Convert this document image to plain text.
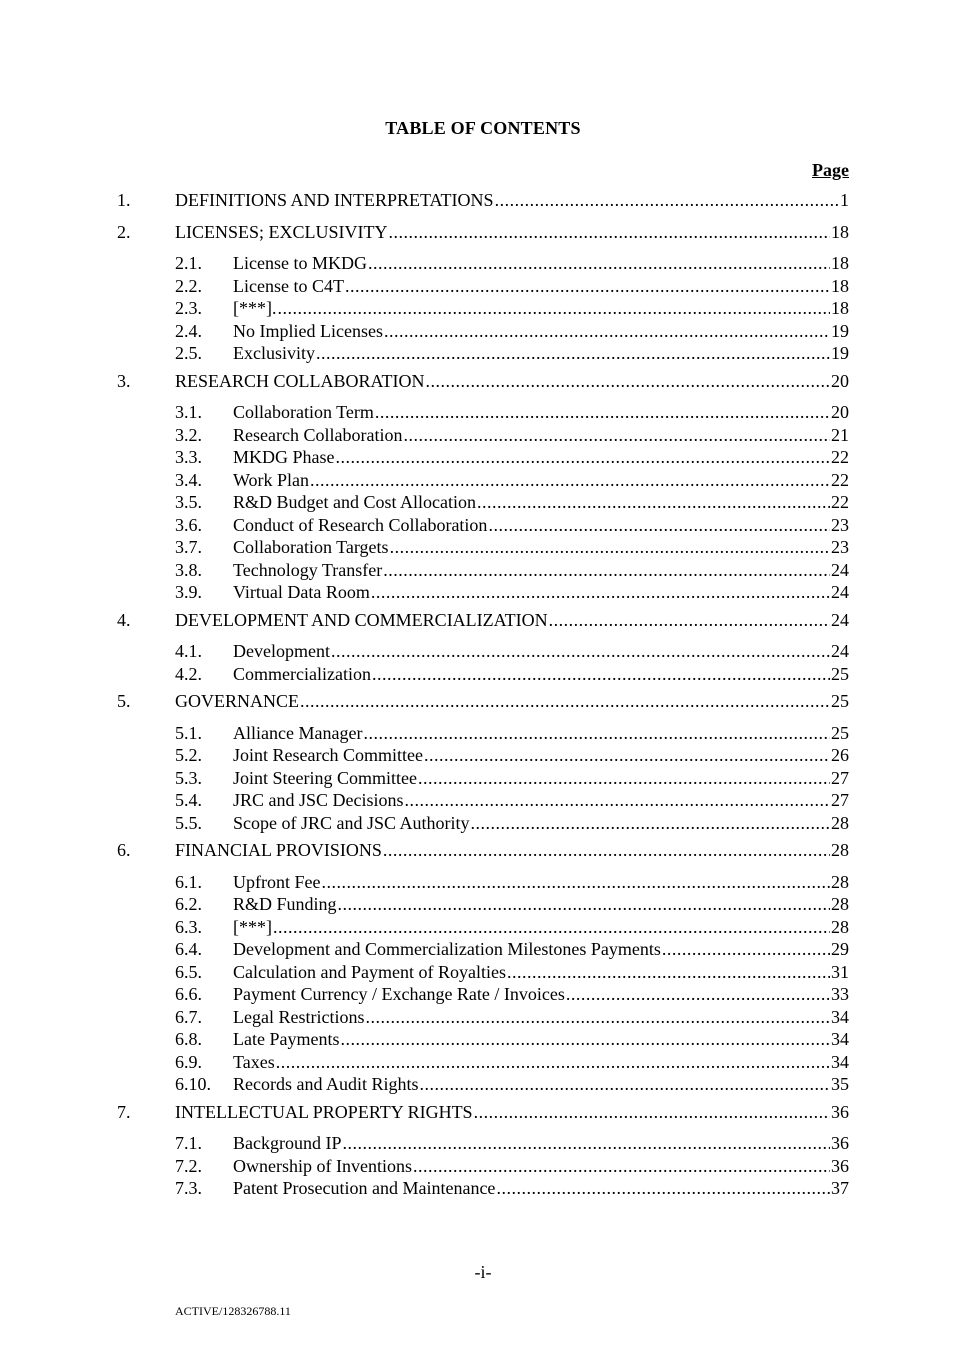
TABLE OF CONTENTS
Page
1.	DEFINITIONS AND INTERPRETATIONS .....	1
2.	LICENSES; EXCLUSIVITY .....	18
2.1.	License to MKDG .....	18
2.2.	License to C4T .....	18
2.3.	[***]. .....	18
2.4.	No Implied Licenses .....	19
2.5.	Exclusivity .....	19
3.	RESEARCH COLLABORATION .....	20
3.1.	Collaboration Term .....	20
3.2.	Research Collaboration .....	21
3.3.	MKDG Phase .....	22
3.4.	Work Plan .....	22
3.5.	R&D Budget and Cost Allocation .....	22
3.6.	Conduct of Research Collaboration .....	23
3.7.	Collaboration Targets .....	23
3.8.	Technology Transfer .....	24
3.9.	Virtual Data Room .....	24
4.	DEVELOPMENT AND COMMERCIALIZATION .....	24
4.1.	Development .....	24
4.2.	Commercialization .....	25
5.	GOVERNANCE .....	25
5.1.	Alliance Manager .....	25
5.2.	Joint Research Committee .....	26
5.3.	Joint Steering Committee .....	27
5.4.	JRC and JSC Decisions .....	27
5.5.	Scope of JRC and JSC Authority .....	28
6.	FINANCIAL PROVISIONS .....	28
6.1.	Upfront Fee .....	28
6.2.	R&D Funding .....	28
6.3.	[***] .....	28
6.4.	Development and Commercialization Milestones Payments .....	29
6.5.	Calculation and Payment of Royalties .....	31
6.6.	Payment Currency / Exchange Rate / Invoices .....	33
6.7.	Legal Restrictions .....	34
6.8.	Late Payments .....	34
6.9.	Taxes .....	34
6.10.	Records and Audit Rights .....	35
7.	INTELLECTUAL PROPERTY RIGHTS .....	36
7.1.	Background IP .....	36
7.2.	Ownership of Inventions .....	36
7.3.	Patent Prosecution and Maintenance .....	37
-i-
ACTIVE/128326788.11
